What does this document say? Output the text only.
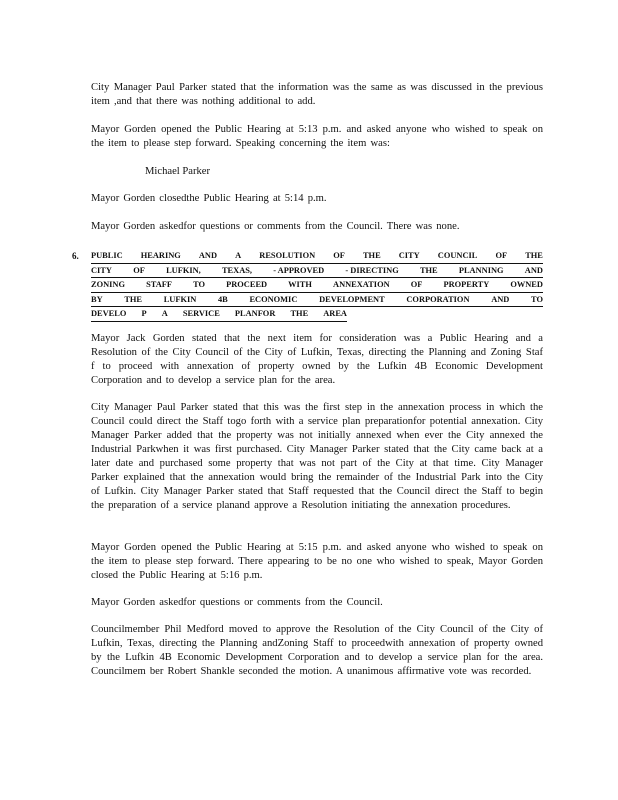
City Manager Paul Parker stated that the information was the same as was discussed in the previous item ,and that there was nothing additional to add.

Mayor Gorden opened the Public Hearing at 5:13 p.m. and asked anyone who wished to speak on the item to please step forward. Speaking concerning the item was:

Michael Parker

Mayor Gorden closedthe Public Hearing at 5:14 p.m.

Mayor Gorden askedfor questions or comments from the Council. There was none.

6. PUBLIC HEARING AND A RESOLUTION OF THE CITY COUNCIL OF THE
CITY	OF	LUFKIN,	TEXAS,	- APPROVED	- DIRECTING	THE	PLANNING	AND
ZONING	STAFF	TO	PROCEED	WITH	ANNEXATION	OF	PROPERTY	OWNED
BY	THE	LUFKIN	4B	ECONOMIC	DEVELOPMENT	CORPORATION	AND	TO
DEVELO P A SERVICE PLANFOR THE AREA

Mayor Jack Gorden stated that the next item for consideration was a Public Hearing and a Resolution of the City Council of the City of Lufkin, Texas, directing the Planning and Zoning Staf f to proceed with annexation of property owned by the Lufkin 4B Economic Development Corporation and to develop a service plan for the area.

City Manager Paul Parker stated that this was the first step in the annexation process in which the Council could direct the Staff togo forth with a service plan preparationfor potential annexation. City Manager Parker added that the property was not initially annexed when ever the City annexed the Industrial Parkwhen it was first purchased. City Manager Parker stated that the City came back at a later date and purchased some property that was not part of the City at that time. City Manager Parker explained that the annexation would bring the remainder of the Industrial Park into the City of Lufkin. City Manager Parker stated that Staff requested that the Council direct the Staff to begin the preparation of a service planand approve a Resolution initiating the annexation procedures.

Mayor Gorden opened the Public Hearing at 5:15 p.m. and asked anyone who wished to speak on the item to please step forward. There appearing to be no one who wished to speak, Mayor Gorden closed the Public Hearing at 5:16 p.m.

Mayor Gorden askedfor questions or comments from the Council.

Councilmember Phil Medford moved to approve the Resolution of the City Council of the City of Lufkin, Texas, directing the Planning andZoning Staff to proceedwith annexation of property owned by the Lufkin 4B Economic Development Corporation and to develop a service plan for the area. Councilmem ber Robert Shankle seconded the motion. A unanimous affirmative vote was recorded.
